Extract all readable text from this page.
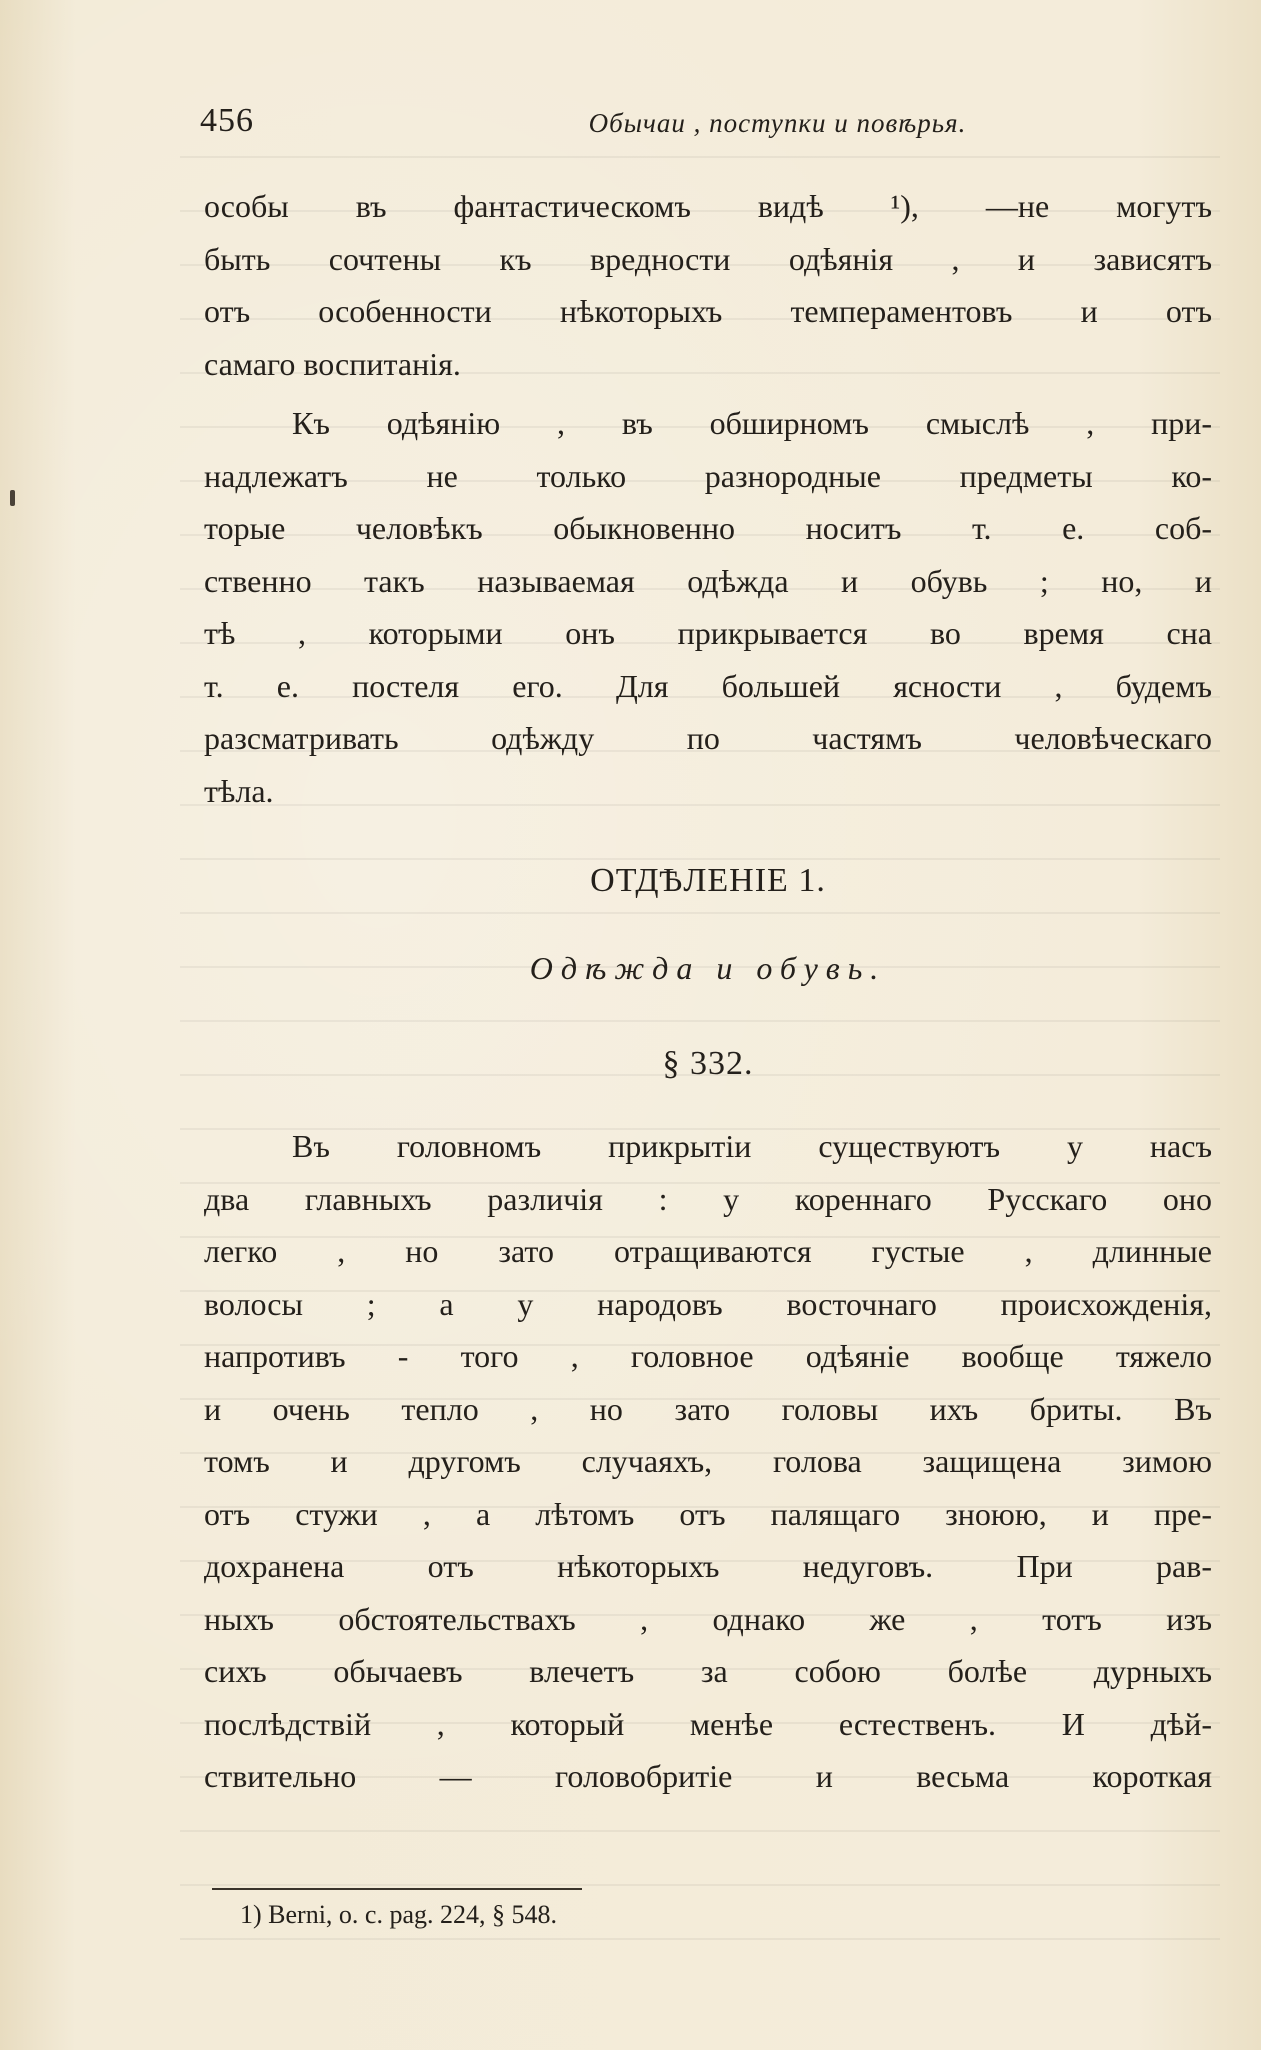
456	Обычаи , поступки и повѣрья.
особы въ фантастическомъ видѣ ¹), —не могутъ
быть сочтены къ вредности одѣянія , и зависятъ
отъ особенности нѣкоторыхъ темпераментовъ и отъ
самаго воспитанія.
Къ одѣянію , въ обширномъ смыслѣ , при-
надлежатъ не только разнородные предметы ко-
торые человѣкъ обыкновенно носитъ т. е. соб-
ственно такъ называемая одѣжда и обувь ; но, и
тѣ , которыми онъ прикрывается во время сна
т. е. постеля его. Для большей ясности , будемъ
разсматривать одѣжду по частямъ человѣческаго
тѣла.
ОТДѢЛЕНІЕ 1.
Одѣжда и обувь.
§ 332.
Въ головномъ прикрытіи существуютъ у насъ
два главныхъ различія : у кореннаго Русскаго оно
легко , но зато отращиваются густые , длинные
волосы ; а у народовъ восточнаго происхожденія,
напротивъ - того , головное одѣяніе вообще тяжело
и очень тепло , но зато головы ихъ бриты. Въ
томъ и другомъ случаяхъ, голова защищена зимою
отъ стужи , а лѣтомъ отъ палящаго зноюю, и пре-
дохранена отъ нѣкоторыхъ недуговъ. При рав-
ныхъ обстоятельствахъ , однако же , тотъ изъ
сихъ обычаевъ влечетъ за собою болѣе дурныхъ
послѣдствій , который менѣе естественъ. И дѣй-
ствительно — головобритіе и весьма короткая
1) Berni, o. c. pag. 224, § 548.
